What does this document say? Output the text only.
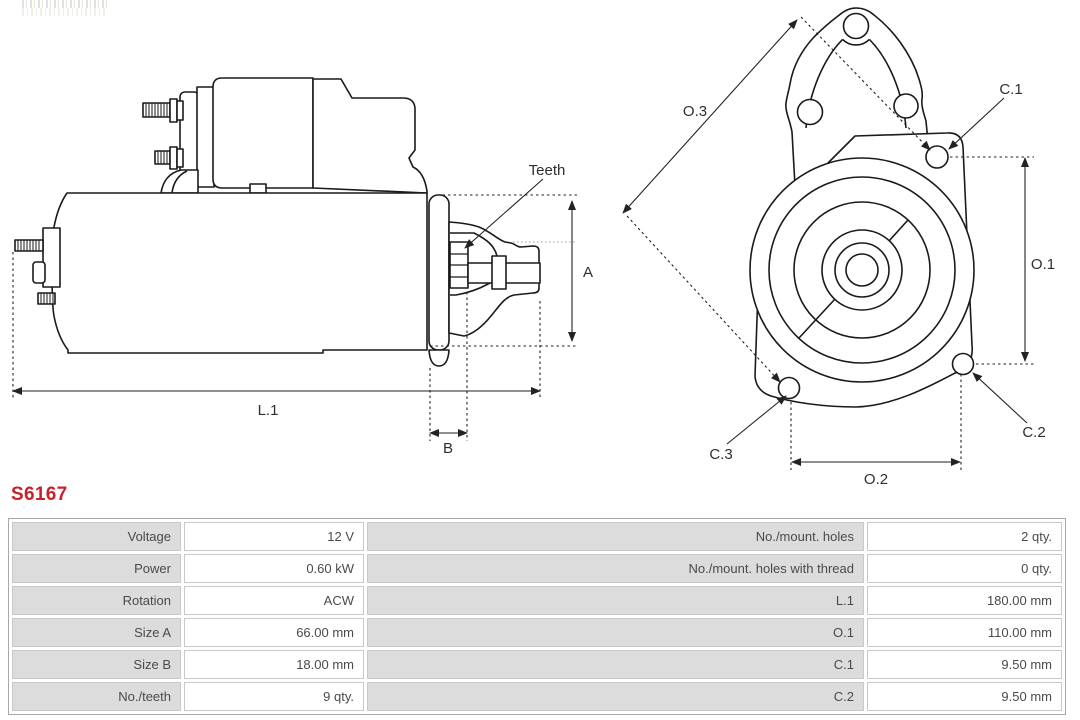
Teeth
A
L.1
B
O.3
C.1
O.1
C.2
C.3
O.2
S6167
Voltage	12 V	No./mount. holes	2 qty.
Power	0.60 kW	No./mount. holes with thread	0 qty.
Rotation	ACW	L.1	180.00 mm
Size A	66.00 mm	O.1	110.00 mm
Size B	18.00 mm	C.1	9.50 mm
No./teeth	9 qty.	C.2	9.50 mm
